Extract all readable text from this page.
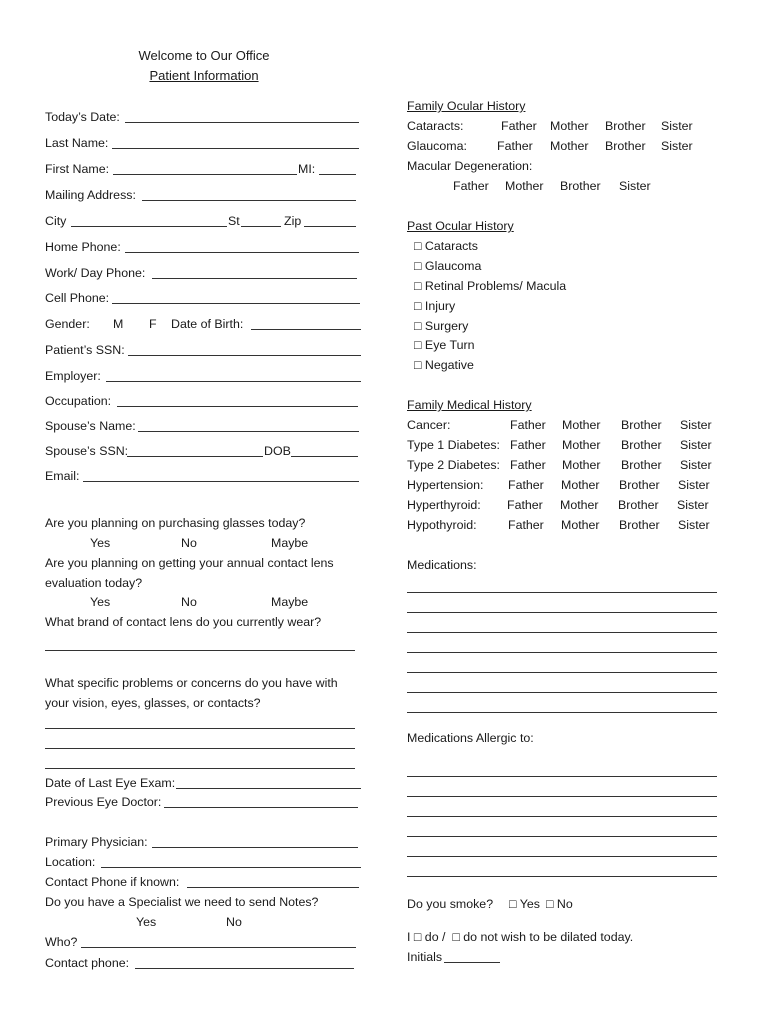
Welcome to Our Office
Patient Information
Today’s Date:
Last Name:
First Name:	MI:
Mailing Address:
City	St	Zip
Home Phone:
Work/ Day Phone:
Cell Phone:
Gender: M F Date of Birth:
Patient’s SSN:
Employer:
Occupation:
Spouse’s Name:
Spouse’s SSN:	DOB
Email:
Are you planning on purchasing glasses today?
Yes	No	Maybe
Are you planning on getting your annual contact lens
evaluation today?
Yes	No	Maybe
What brand of contact lens do you currently wear?
What specific problems or concerns do you have with
your vision, eyes, glasses, or contacts?
Date of Last Eye Exam:
Previous Eye Doctor:
Primary Physician:
Location:
Contact Phone if known:
Do you have a Specialist we need to send Notes?
Yes	No
Who?
Contact phone:
Family Ocular History
Cataracts:	Father Mother Brother Sister
Glaucoma: Father Mother Brother Sister
Macular Degeneration:
Father Mother Brother Sister
Past Ocular History
□ Cataracts
□ Glaucoma
□ Retinal Problems/ Macula
□ Injury
□ Surgery
□ Eye Turn
□ Negative
Family Medical History
Cancer:	Father Mother Brother Sister
Type 1 Diabetes: Father Mother Brother Sister
Type 2 Diabetes: Father Mother Brother Sister
Hypertension: Father Mother Brother Sister
Hyperthyroid: Father Mother Brother Sister
Hypothyroid:	Father Mother Brother Sister
Medications:
Medications Allergic to:
Do you smoke? □ Yes □ No
I □ do /  □ do not wish to be dilated today.
Initials
